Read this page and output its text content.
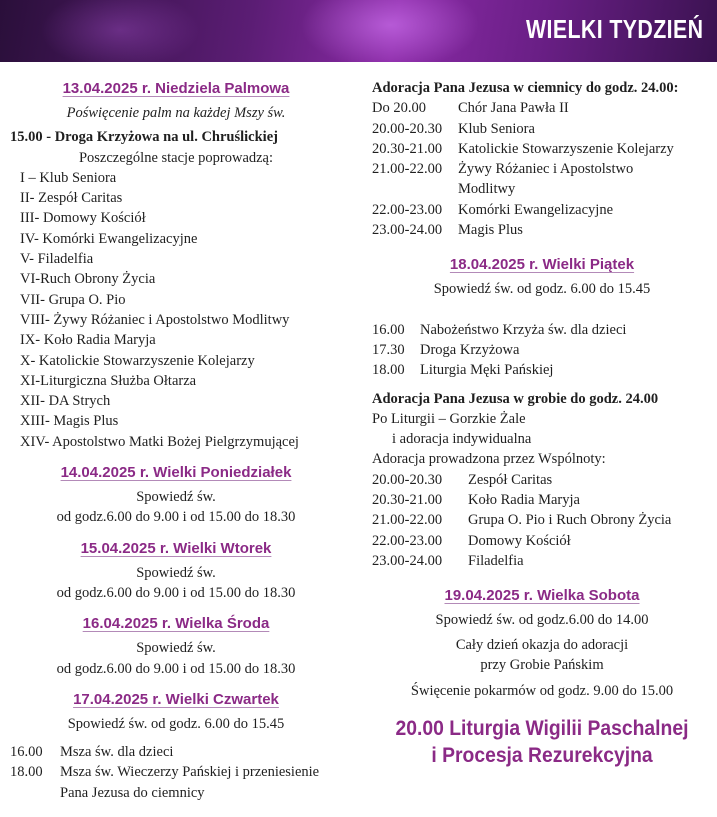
WIELKI TYDZIEŃ
13.04.2025 r. Niedziela Palmowa
Poświęcenie palm na każdej Mszy św.
15.00 - Droga Krzyżowa na ul. Chruślickiej
Poszczególne stacje poprowadzą:
I – Klub Seniora
II- Zespół Caritas
III- Domowy Kościół
IV- Komórki Ewangelizacyjne
V- Filadelfia
VI-Ruch Obrony Życia
VII- Grupa O. Pio
VIII- Żywy Różaniec i Apostolstwo Modlitwy
IX- Koło Radia Maryja
X- Katolickie Stowarzyszenie Kolejarzy
XI-Liturgiczna Służba Ołtarza
XII- DA Strych
XIII- Magis Plus
XIV- Apostolstwo Matki Bożej Pielgrzymującej
14.04.2025 r. Wielki Poniedziałek
Spowiedź św.
od godz.6.00 do 9.00 i od 15.00 do 18.30
15.04.2025 r. Wielki Wtorek
Spowiedź św.
od godz.6.00 do 9.00 i od 15.00 do 18.30
16.04.2025 r. Wielka Środa
Spowiedź św.
od godz.6.00 do 9.00 i od 15.00 do 18.30
17.04.2025 r. Wielki Czwartek
Spowiedź św. od godz. 6.00 do 15.45
16.00	Msza św. dla dzieci
18.00	Msza św. Wieczerzy Pańskiej i przeniesienie Pana Jezusa do ciemnicy
Adoracja Pana Jezusa w ciemnicy do godz. 24.00:
Do 20.00	Chór Jana Pawła II
20.00-20.30	Klub Seniora
20.30-21.00	Katolickie Stowarzyszenie Kolejarzy
21.00-22.00	Żywy Różaniec i Apostolstwo Modlitwy
22.00-23.00	Komórki Ewangelizacyjne
23.00-24.00	Magis Plus
18.04.2025 r. Wielki Piątek
Spowiedź św. od godz. 6.00 do 15.45
16.00	Nabożeństwo Krzyża św. dla dzieci
17.30	Droga Krzyżowa
18.00	Liturgia Męki Pańskiej
Adoracja Pana Jezusa w grobie do godz. 24.00
Po Liturgii – Gorzkie Żale
i adoracja indywidualna
Adoracja prowadzona przez Wspólnoty:
20.00-20.30	Zespół Caritas
20.30-21.00	Koło Radia Maryja
21.00-22.00	Grupa O. Pio i Ruch Obrony Życia
22.00-23.00	Domowy Kościół
23.00-24.00	Filadelfia
19.04.2025 r. Wielka Sobota
Spowiedź św. od godz.6.00 do 14.00
Cały dzień okazja do adoracji
przy Grobie Pańskim
Święcenie pokarmów od godz. 9.00 do 15.00
20.00 Liturgia Wigilii Paschalnej
i Procesja Rezurekcyjna
